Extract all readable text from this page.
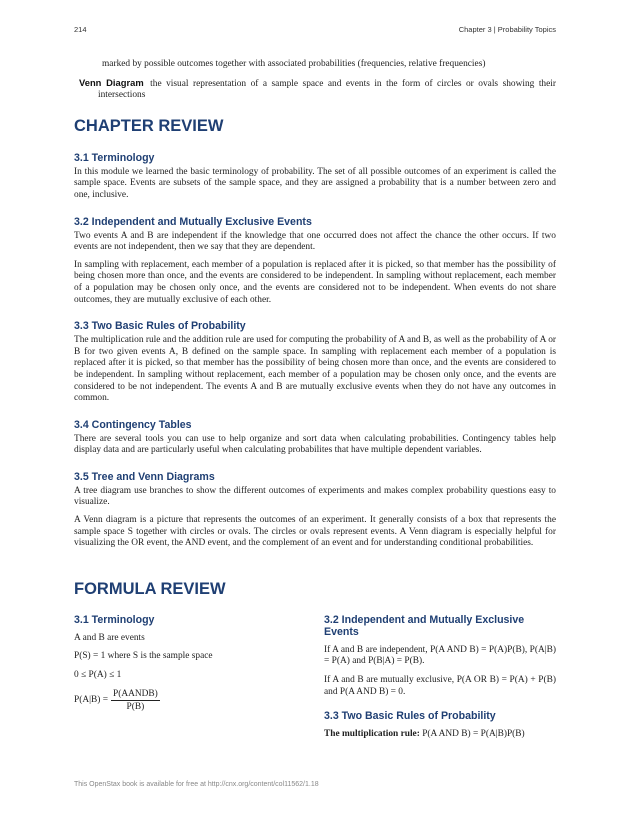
214	Chapter 3 | Probability Topics

marked by possible outcomes together with associated probabilities (frequencies, relative frequencies)

Venn Diagram the visual representation of a sample space and events in the form of circles or ovals showing their intersections

CHAPTER REVIEW
3.1 Terminology

In this module we learned the basic terminology of probability. The set of all possible outcomes of an experiment is called the sample space. Events are subsets of the sample space, and they are assigned a probability that is a number between zero and one, inclusive.

3.2 Independent and Mutually Exclusive Events

Two events A and B are independent if the knowledge that one occurred does not affect the chance the other occurs. If two events are not independent, then we say that they are dependent.

In sampling with replacement, each member of a population is replaced after it is picked, so that member has the possibility of being chosen more than once, and the events are considered to be independent. In sampling without replacement, each member of a population may be chosen only once, and the events are considered not to be independent. When events do not share outcomes, they are mutually exclusive of each other.

3.3 Two Basic Rules of Probability

The multiplication rule and the addition rule are used for computing the probability of A and B, as well as the probability of A or B for two given events A, B defined on the sample space. In sampling with replacement each member of a population is replaced after it is picked, so that member has the possibility of being chosen more than once, and the events are considered to be independent. In sampling without replacement, each member of a population may be chosen only once, and the events are considered to be not independent. The events A and B are mutually exclusive events when they do not have any outcomes in common.

3.4 Contingency Tables

There are several tools you can use to help organize and sort data when calculating probabilities. Contingency tables help display data and are particularly useful when calculating probabilites that have multiple dependent variables.

3.5 Tree and Venn Diagrams

A tree diagram use branches to show the different outcomes of experiments and makes complex probability questions easy to visualize.

A Venn diagram is a picture that represents the outcomes of an experiment. It generally consists of a box that represents the sample space S together with circles or ovals. The circles or ovals represent events. A Venn diagram is especially helpful for visualizing the OR event, the AND event, and the complement of an event and for understanding conditional probabilities.

FORMULA REVIEW
3.1 Terminology
A and B are events
P(S) = 1 where S is the sample space
0 ≤ P(A) ≤ 1
$P(A|B) = \frac{\text{P(AANDB)}}{P(B)}$
3.2 Independent and Mutually Exclusive Events

If A and B are independent, P(A AND B) = P(A)P(B), P(A|B) = P(A) and P(B|A) = P(B).

If A and B are mutually exclusive, P(A OR B) = P(A) + P(B) and P(A AND B) = 0.

3.3 Two Basic Rules of Probability
The multiplication rule: P(A AND B) = P(A|B)P(B)
This OpenStax book is available for free at http://cnx.org/content/col11562/1.18
